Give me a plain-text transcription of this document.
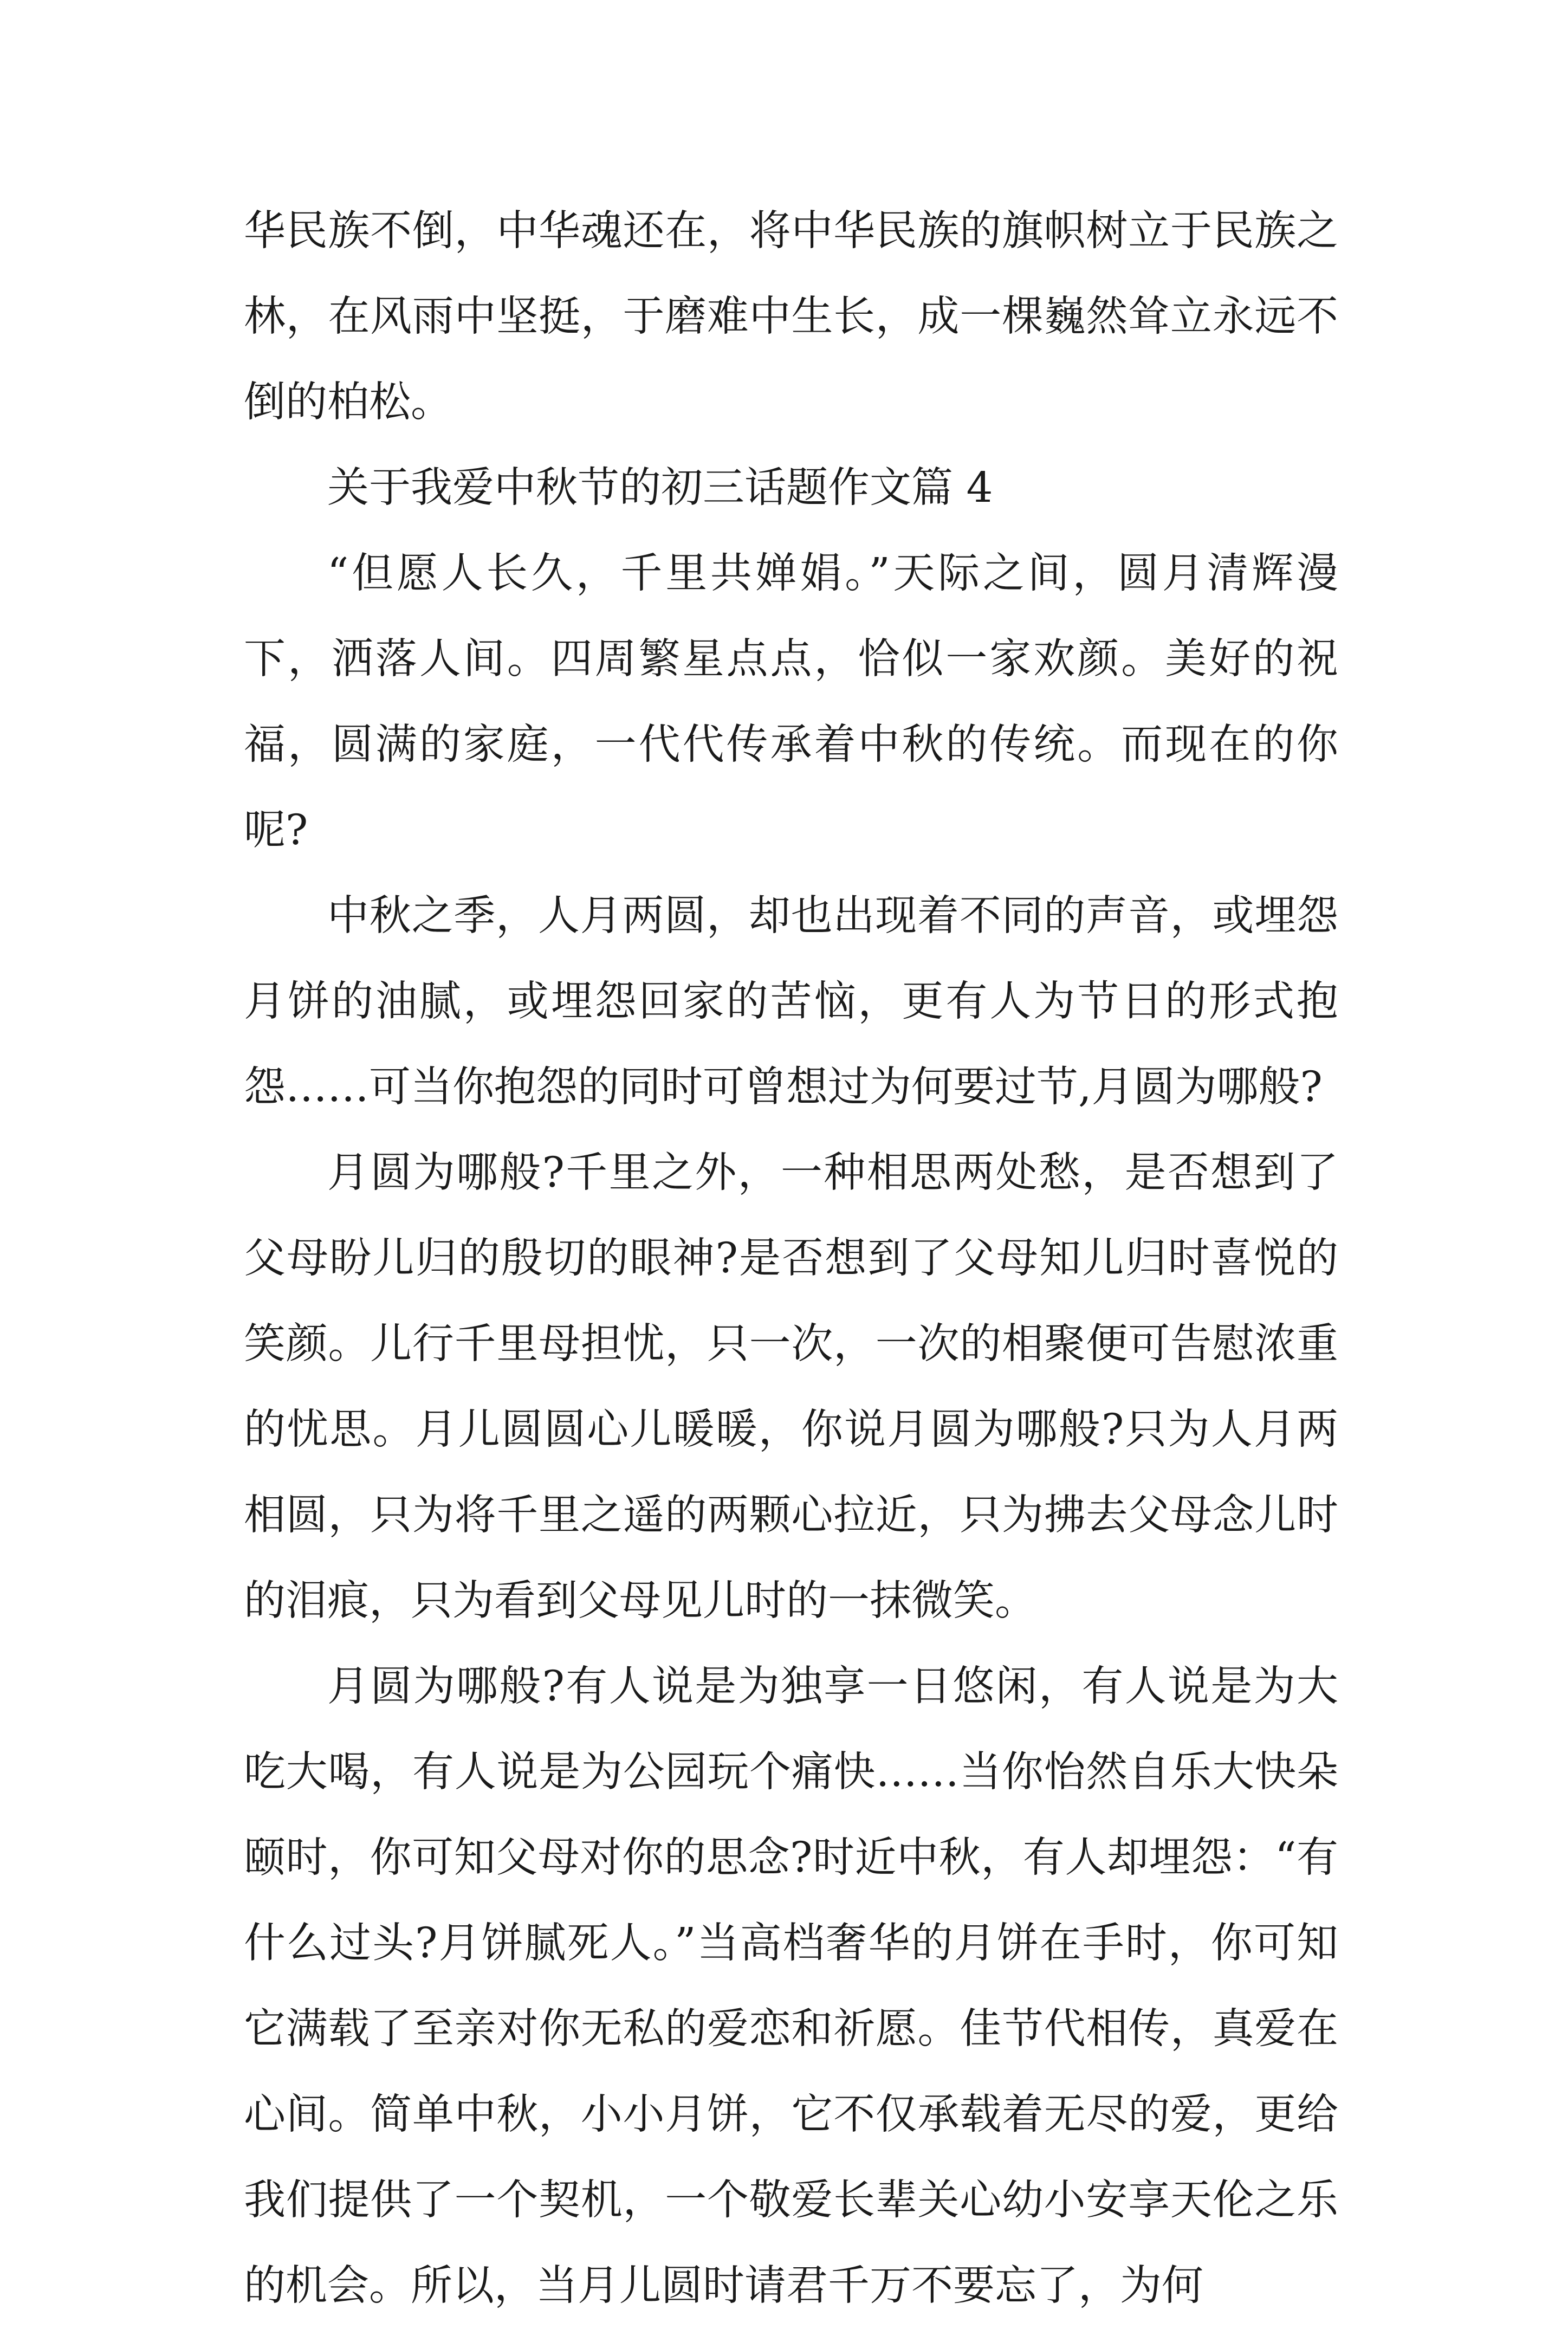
华民族不倒，中华魂还在，将中华民族的旗帜树立于民族之林，在风雨中坚挺，于磨难中生长，成一棵巍然耸立永远不倒的柏松。

关于我爱中秋节的初三话题作文篇 4

“但愿人长久，千里共婵娟。”天际之间，圆月清辉漫下，洒落人间。四周繁星点点，恰似一家欢颜。美好的祝福，圆满的家庭，一代代传承着中秋的传统。而现在的你呢?

中秋之季，人月两圆，却也出现着不同的声音，或埋怨月饼的油腻，或埋怨回家的苦恼，更有人为节日的形式抱怨……可当你抱怨的同时可曾想过为何要过节,月圆为哪般?

月圆为哪般?千里之外，一种相思两处愁，是否想到了父母盼儿归的殷切的眼神?是否想到了父母知儿归时喜悦的笑颜。儿行千里母担忧，只一次，一次的相聚便可告慰浓重的忧思。月儿圆圆心儿暖暖，你说月圆为哪般?只为人月两相圆，只为将千里之遥的两颗心拉近，只为拂去父母念儿时的泪痕，只为看到父母见儿时的一抹微笑。

月圆为哪般?有人说是为独享一日悠闲，有人说是为大吃大喝，有人说是为公园玩个痛快……当你怡然自乐大快朵颐时，你可知父母对你的思念?时近中秋，有人却埋怨：“有什么过头?月饼腻死人。”当高档奢华的月饼在手时，你可知它满载了至亲对你无私的爱恋和祈愿。佳节代相传，真爱在心间。简单中秋，小小月饼，它不仅承载着无尽的爱，更给我们提供了一个契机，一个敬爱长辈关心幼小安享天伦之乐的机会。所以，当月儿圆时请君千万不要忘了，为何
